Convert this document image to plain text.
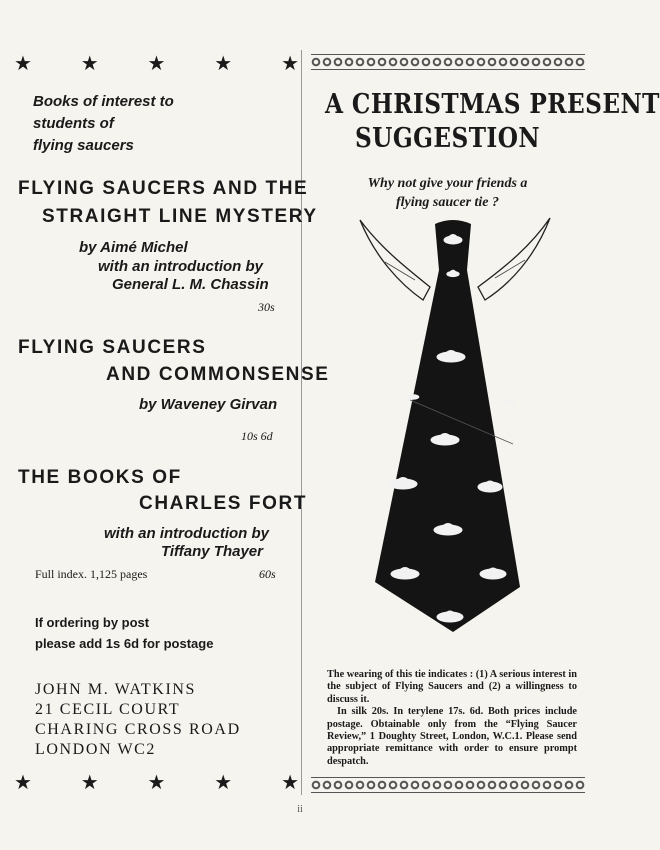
★ ★ ★ ★ ★
Books of interest to
students of
flying saucers
FLYING SAUCERS AND THE
STRAIGHT LINE MYSTERY
by Aimé Michel
with an introduction by
General L. M. Chassin
30s
FLYING SAUCERS
AND COMMONSENSE
by Waveney Girvan
10s 6d
THE BOOKS OF
CHARLES FORT
with an introduction by
Tiffany Thayer
Full index. 1,125 pages	60s
If ordering by post
please add 1s 6d for postage
JOHN M. WATKINS
21 CECIL COURT
CHARING CROSS ROAD
LONDON WC2
★ ★ ★ ★ ★
A CHRISTMAS PRESENT
SUGGESTION
Why not give your friends a
flying saucer tie ?

The wearing of this tie indicates : (1) A serious interest in the subject of Flying Saucers and (2) a willingness to discuss it.

In silk 20s. In terylene 17s. 6d. Both prices include postage. Obtainable only from the “Flying Saucer Review,” 1 Doughty Street, London, W.C.1. Please send appropriate remittance with order to ensure prompt despatch.

ii
